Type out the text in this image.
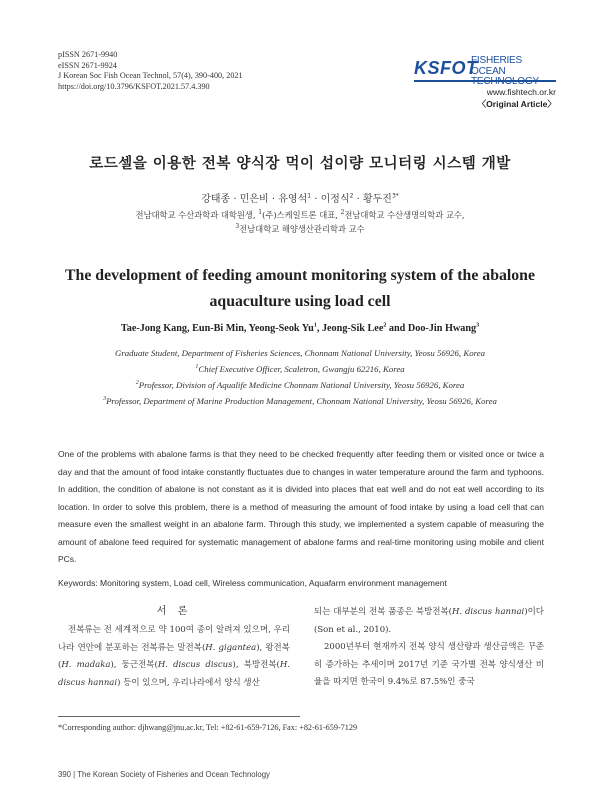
pISSN 2671-9940
eISSN 2671-9924
J Korean Soc Fish Ocean Technol, 57(4), 390-400, 2021
https://doi.org/10.3796/KSFOT.2021.57.4.390
KSFOT
FISHERIES OCEAN
www.fishtech.or.kr
〈Original Article〉
로드셀을 이용한 전복 양식장 먹이 섭이량 모니터링 시스템 개발
강태종 · 민은비 · 유영석$^1$ · 이정식$^2$ · 황두진$^{3*}$
전남대학교 수산과학과 대학원생, $^1$(주)스케일트론 대표, $^2$전남대학교 수산생명의학과 교수,
$^3$전남대학교 해양생산관리학과 교수
The development of feeding amount monitoring system of the abalone aquaculture using load cell
Tae-Jong Kang, Eun-Bi Min, Yeong-Seok Yu$^1$, Jeong-Sik Lee$^2$ and Doo-Jin Hwang$^3$
Graduate Student, Department of Fisheries Sciences, Chonnam National University, Yeosu 56926, Korea
$^1$Chief Executive Officer, Scaletron, Gwangju 62216, Korea
$^2$Professor, Division of Aqualife Medicine Chonnam National University, Yeosu 56926, Korea
$^3$Professor, Department of Marine Production Management, Chonnam National University, Yeosu 56926, Korea
One of the problems with abalone farms is that they need to be checked frequently after feeding them or visited once or twice a day and that the amount of food intake constantly fluctuates due to changes in water temperature around the farm and typhoons. In addition, the condition of abalone is not constant as it is divided into places that eat well and do not eat well according to its location. In order to solve this problem, there is a method of measuring the amount of food intake by using a load cell that can measure even the smallest weight in an abalone farm. Through this study, we implemented a system capable of measuring the amount of abalone feed required for systematic management of abalone farms and real-time monitoring using mobile and client PCs.
Keywords: Monitoring system, Load cell, Wireless communication, Aquafarm environment management
서 론
전복류는 전 세계적으로 약 100여 종이 알려져 있으며, 우리나라 연안에 분포하는 전복류는 말전복(H. gigantea), 왕전복(H. madaka), 둥근전복(H. discus discus), 북방전복(H. discus hannai) 등이 있으며, 우리나라에서 양식 생산
되는 대부분의 전복 품종은 북방전복(H. discus hannai)이다(Son et al., 2010).
2000년부터 현재까지 전복 양식 생산량과 생산금액은 꾸준히 증가하는 추세이며 2017년 기준 국가별 전복 양식생산 비율을 따지면 한국이 9.4%로 87.5%인 중국
*Corresponding author: djhwang@jnu.ac.kr, Tel: +82-61-659-7126, Fax: +82-61-659-7129
390 | The Korean Society of Fisheries and Ocean Technology
